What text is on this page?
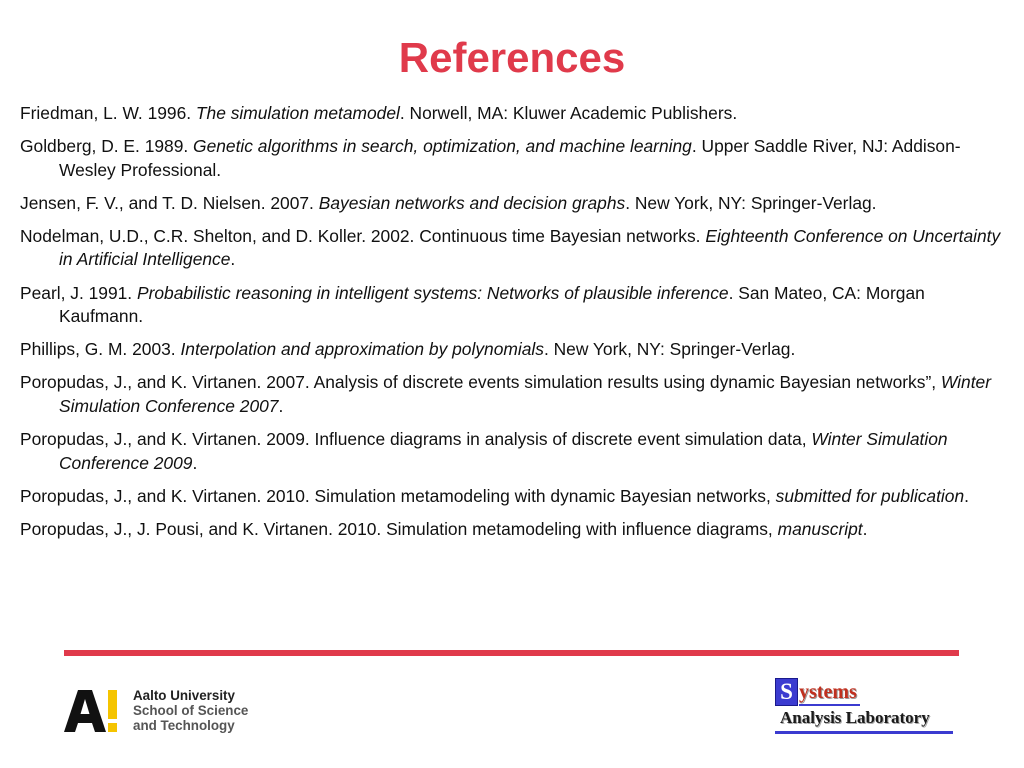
References
Friedman, L. W. 1996. The simulation metamodel. Norwell, MA: Kluwer Academic Publishers.
Goldberg, D. E. 1989. Genetic algorithms in search, optimization, and machine learning. Upper Saddle River, NJ: Addison-Wesley Professional.
Jensen, F. V., and T. D. Nielsen. 2007. Bayesian networks and decision graphs. New York, NY: Springer-Verlag.
Nodelman, U.D., C.R. Shelton, and D. Koller. 2002. Continuous time Bayesian networks. Eighteenth Conference on Uncertainty in Artificial Intelligence.
Pearl, J. 1991. Probabilistic reasoning in intelligent systems: Networks of plausible inference. San Mateo, CA: Morgan Kaufmann.
Phillips, G. M. 2003. Interpolation and approximation by polynomials. New York, NY: Springer-Verlag.
Poropudas, J., and K. Virtanen. 2007. Analysis of discrete events simulation results using dynamic Bayesian networks”, Winter Simulation Conference 2007.
Poropudas, J., and K. Virtanen. 2009. Influence diagrams in analysis of discrete event simulation data, Winter Simulation Conference 2009.
Poropudas, J., and K. Virtanen. 2010. Simulation metamodeling with dynamic Bayesian networks, submitted for publication.
Poropudas, J., J. Pousi, and K. Virtanen. 2010. Simulation metamodeling with influence diagrams, manuscript.
Aalto University
School of Science
and Technology
S ystems
Analysis Laboratory
